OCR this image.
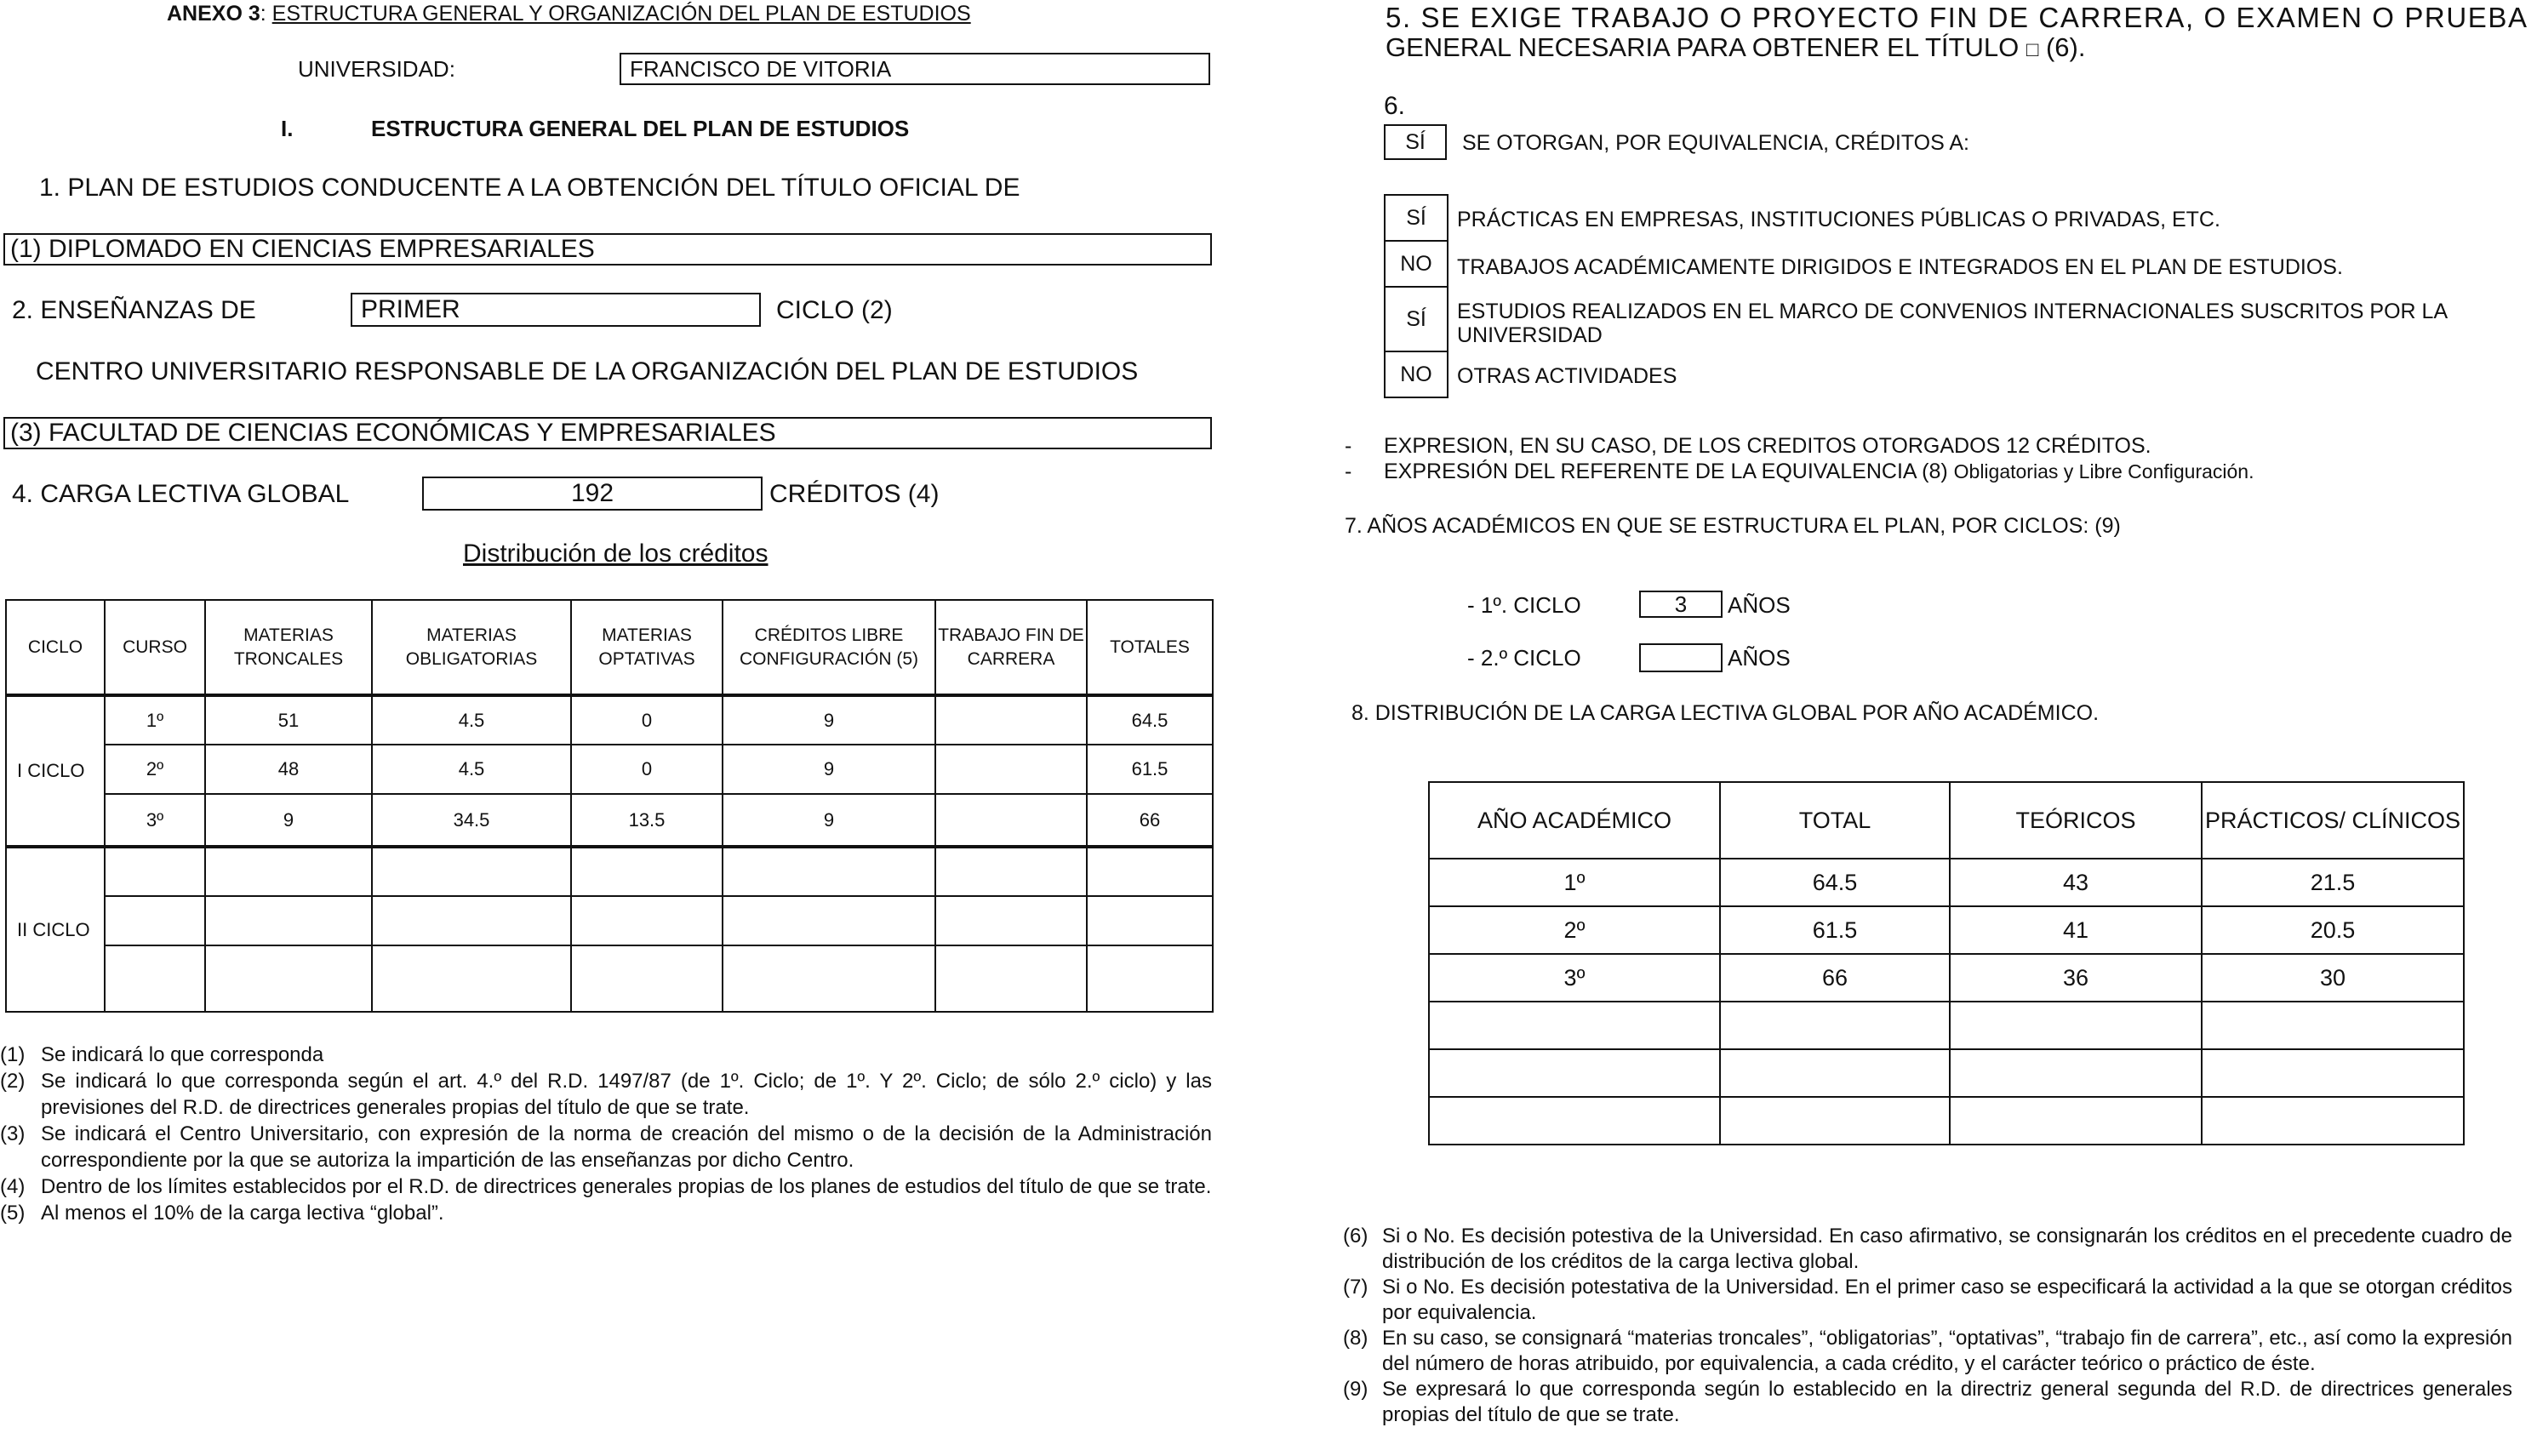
ANEXO 3: ESTRUCTURA GENERAL Y ORGANIZACIÓN DEL PLAN DE ESTUDIOS
UNIVERSIDAD:	FRANCISCO DE VITORIA
I.	ESTRUCTURA GENERAL DEL PLAN DE ESTUDIOS
1. PLAN DE ESTUDIOS CONDUCENTE A LA OBTENCIÓN DEL TÍTULO OFICIAL DE
(1) DIPLOMADO EN CIENCIAS EMPRESARIALES
2. ENSEÑANZAS DE	PRIMER	CICLO (2)
CENTRO UNIVERSITARIO RESPONSABLE DE LA ORGANIZACIÓN DEL PLAN DE ESTUDIOS
(3) FACULTAD DE CIENCIAS ECONÓMICAS Y EMPRESARIALES
4. CARGA LECTIVA GLOBAL	192	CRÉDITOS (4)
Distribución de los créditos
CICLO	CURSO	MATERIAS TRONCALES	MATERIAS OBLIGATORIAS	MATERIAS OPTATIVAS	CRÉDITOS LIBRE CONFIGURACIÓN (5)	TRABAJO FIN DE CARRERA	TOTALES
I CICLO	1º	51	4.5	0	9		64.5
	2º	48	4.5	0	9		61.5
	3º	9	34.5	13.5	9		66
II CICLO							

(1) Se indicará lo que corresponda
(2) Se indicará lo que corresponda según el art. 4.º del R.D. 1497/87 (de 1º. Ciclo; de 1º. Y 2º. Ciclo; de sólo 2.º ciclo) y las previsiones del R.D. de directrices generales propias del título de que se trate.
(3) Se indicará el Centro Universitario, con expresión de la norma de creación del mismo o de la decisión de la Administración correspondiente por la que se autoriza la impartición de las enseñanzas por dicho Centro.
(4) Dentro de los límites establecidos por el R.D. de directrices generales propias de los planes de estudios del título de que se trate.
(5) Al menos el 10% de la carga lectiva “global”.
5. SE EXIGE TRABAJO O PROYECTO FIN DE CARRERA, O EXAMEN O PRUEBA
GENERAL NECESARIA PARA OBTENER EL TÍTULO □ (6).
6.
SÍ	SE OTORGAN, POR EQUIVALENCIA, CRÉDITOS A:
SÍ	PRÁCTICAS EN EMPRESAS, INSTITUCIONES PÚBLICAS O PRIVADAS, ETC.
NO	TRABAJOS ACADÉMICAMENTE DIRIGIDOS E INTEGRADOS EN EL PLAN DE ESTUDIOS.
SÍ	ESTUDIOS REALIZADOS EN EL MARCO DE CONVENIOS INTERNACIONALES SUSCRITOS POR LA UNIVERSIDAD
NO	OTRAS ACTIVIDADES
- EXPRESION, EN SU CASO, DE LOS CREDITOS OTORGADOS 12 CRÉDITOS.
- EXPRESIÓN DEL REFERENTE DE LA EQUIVALENCIA (8) Obligatorias y Libre Configuración.
7. AÑOS ACADÉMICOS EN QUE SE ESTRUCTURA EL PLAN, POR CICLOS: (9)
- 1º. CICLO	3	AÑOS
- 2.º CICLO	AÑOS
8. DISTRIBUCIÓN DE LA CARGA LECTIVA GLOBAL POR AÑO ACADÉMICO.
AÑO ACADÉMICO	TOTAL	TEÓRICOS	PRÁCTICOS/ CLÍNICOS
1º	64.5	43	21.5
2º	61.5	41	20.5
3º	66	36	30

(6) Si o No. Es decisión potestiva de la Universidad. En caso afirmativo, se consignarán los créditos en el precedente cuadro de distribución de los créditos de la carga lectiva global.
(7) Si o No. Es decisión potestativa de la Universidad. En el primer caso se especificará la actividad a la que se otorgan créditos por equivalencia.
(8) En su caso, se consignará “materias troncales”, “obligatorias”, “optativas”, “trabajo fin de carrera”, etc., así como la expresión del número de horas atribuido, por equivalencia, a cada crédito, y el carácter teórico o práctico de éste.
(9) Se expresará lo que corresponda según lo establecido en la directriz general segunda del R.D. de directrices generales propias del título de que se trate.
